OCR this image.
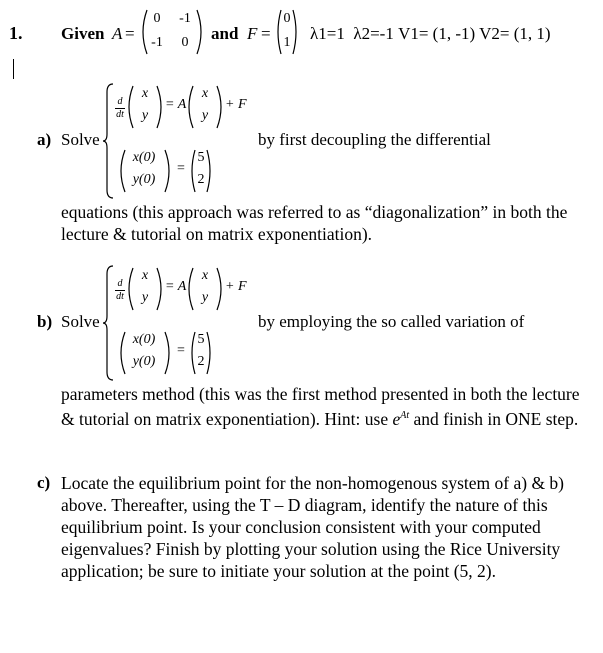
1. Given A =
0	-1
-1	0	and F =
0
1 λ1=1  λ2=-1 V1= (1, -1) V2= (1, 1)
a) Solve
d
dt
x
y
= A
x
y
+ F
x(0)
y(0)
=
5
2
by first decoupling the differential
equations (this approach was referred to as “diagonalization” in both the lecture & tutorial on matrix exponentiation).
b) Solve
d
dt
x
y
= A
x
y
+ F
x(0)
y(0)
=
5
2
by employing the so called variation of
parameters method (this was the first method presented in both the lecture & tutorial on matrix exponentiation). Hint: use $e^{At}$ and finish in ONE step.
c) Locate the equilibrium point for the non-homogenous system of a) & b) above. Thereafter, using the T – D diagram, identify the nature of this equilibrium point. Is your conclusion consistent with your computed eigenvalues? Finish by plotting your solution using the Rice University application; be sure to initiate your solution at the point (5, 2).
